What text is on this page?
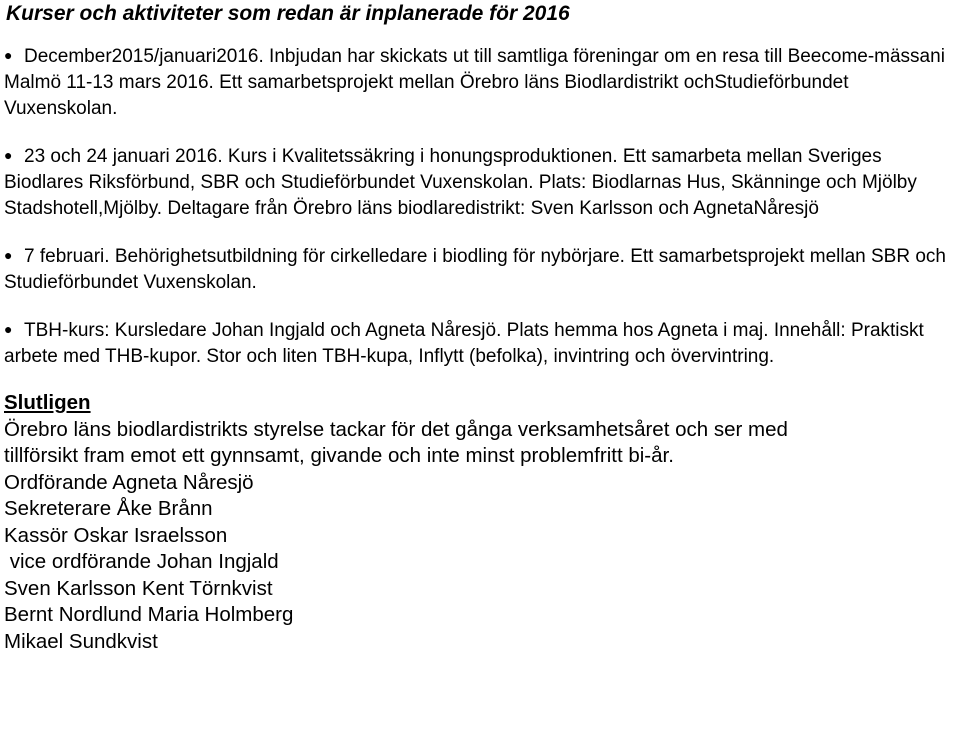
Kurser och aktiviteter som redan är inplanerade för 2016
● December2015/januari2016. Inbjudan har skickats ut till samtliga föreningar om en resa till Beecome-mässani Malmö 11-13 mars 2016. Ett samarbetsprojekt mellan Örebro läns Biodlardistrikt ochStudieförbundet Vuxenskolan.
● 23 och 24 januari 2016. Kurs i Kvalitetssäkring i honungsproduktionen. Ett samarbeta mellan Sveriges Biodlares Riksförbund, SBR och Studieförbundet Vuxenskolan. Plats: Biodlarnas Hus, Skänninge och Mjölby Stadshotell,Mjölby. Deltagare från Örebro läns biodlaredistrikt: Sven Karlsson och AgnetaNåresjö
● 7 februari. Behörighetsutbildning för cirkelledare i biodling för nybörjare. Ett samarbetsprojekt mellan SBR och Studieförbundet Vuxenskolan.
● TBH-kurs: Kursledare Johan Ingjald och Agneta Nåresjö. Plats hemma hos Agneta i maj. Innehåll: Praktiskt arbete med THB-kupor. Stor och liten TBH-kupa, Inflytt (befolka), invintring och övervintring.
Slutligen
Örebro läns biodlardistrikts styrelse tackar för det gånga verksamhetsåret och ser med
tillförsikt fram emot ett gynnsamt, givande och inte minst problemfritt bi-år.
Ordförande Agneta Nåresjö
Sekreterare Åke Brånn
Kassör Oskar Israelsson
vice ordförande Johan Ingjald
Sven Karlsson Kent Törnkvist
Bernt Nordlund Maria Holmberg
Mikael Sundkvist
